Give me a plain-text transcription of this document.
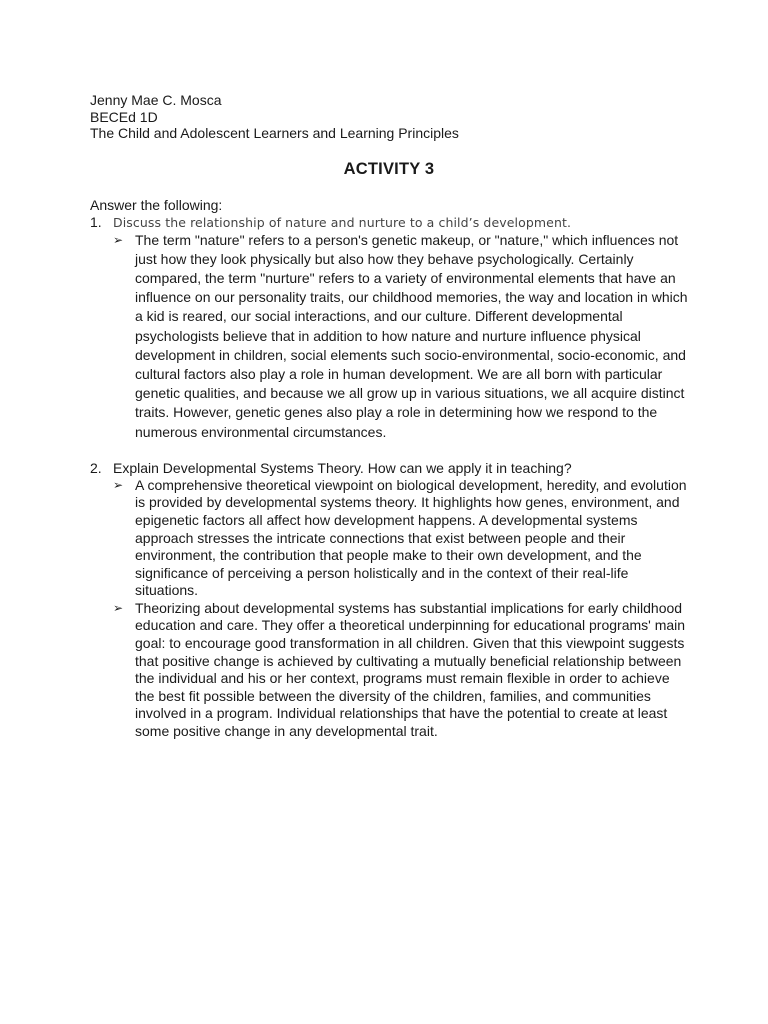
Jenny Mae C. Mosca
BECEd 1D
The Child and Adolescent Learners and Learning Principles
ACTIVITY 3
Answer the following:
1. Discuss the relationship of nature and nurture to a child’s development.
➢ The term "nature" refers to a person's genetic makeup, or "nature," which influences not just how they look physically but also how they behave psychologically. Certainly compared, the term "nurture" refers to a variety of environmental elements that have an influence on our personality traits, our childhood memories, the way and location in which a kid is reared, our social interactions, and our culture. Different developmental psychologists believe that in addition to how nature and nurture influence physical development in children, social elements such socio-environmental, socio-economic, and cultural factors also play a role in human development. We are all born with particular genetic qualities, and because we all grow up in various situations, we all acquire distinct traits. However, genetic genes also play a role in determining how we respond to the numerous environmental circumstances.
2. Explain Developmental Systems Theory. How can we apply it in teaching?
➢ A comprehensive theoretical viewpoint on biological development, heredity, and evolution is provided by developmental systems theory. It highlights how genes, environment, and epigenetic factors all affect how development happens. A developmental systems approach stresses the intricate connections that exist between people and their environment, the contribution that people make to their own development, and the significance of perceiving a person holistically and in the context of their real-life situations.
➢ Theorizing about developmental systems has substantial implications for early childhood education and care. They offer a theoretical underpinning for educational programs' main goal: to encourage good transformation in all children. Given that this viewpoint suggests that positive change is achieved by cultivating a mutually beneficial relationship between the individual and his or her context, programs must remain flexible in order to achieve the best fit possible between the diversity of the children, families, and communities involved in a program. Individual relationships that have the potential to create at least some positive change in any developmental trait.
